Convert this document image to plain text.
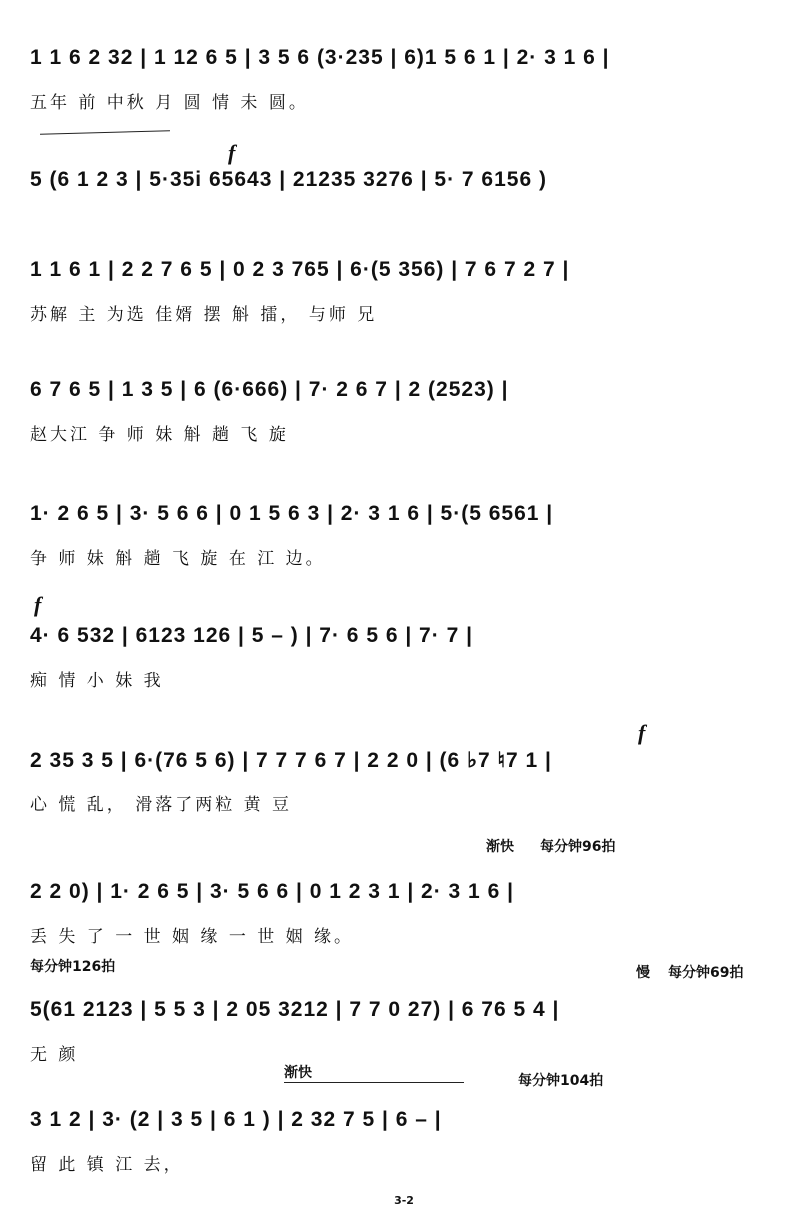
1 1 6 2 32 | 1 12 6 5 | 3 5 6 (3·235 | 6)1 5 6 1 | 2· 3 1 6 |
五年 前 中秋 月 圆 情 未 圆。
f
5 (6 1 2 3 | 5·35i 65643 | 21235 3276 | 5· 7 6156 )
1 1 6 1 | 2 2 7 6 5 | 0 2 3 765 | 6·(5 356) | 7 6 7 2 7 |
苏解 主 为选 佳婿 摆 斛 擂， 与师 兄
6 7 6 5 | 1 3 5 | 6 (6·666) | 7· 2 6 7 | 2 (2523) |
赵大江 争 师 妹 斛 趟 飞 旋
1· 2 6 5 | 3· 5 6 6 | 0 1 5 6 3 | 2· 3 1 6 | 5·(5 6561 |
争 师 妹 斛 趟 飞 旋 在 江 边。
f
4· 6 532 | 6123 126 | 5 – ) | 7· 6 5 6 | 7· 7 |
痴 情 小 妹 我
f
2 35 3 5 | 6·(76 5 6) | 7 7 7 6 7 | 2 2 0 | (6 ♭7 ♮7 1 |
心 慌 乱， 滑落了两粒 黄 豆
渐快 每分钟96拍
2 2 0) | 1· 2 6 5 | 3· 5 6 6 | 0 1 2 3 1 | 2· 3 1 6 |
丢 失 了 一 世 姻 缘 一 世 姻 缘。
每分钟126拍	慢 每分钟69拍
5(61 2123 | 5 5 3 | 2 05 3212 | 7 7 0 27) | 6 76 5 4 |
无 颜
渐快	每分钟104拍
3 1 2 | 3· (2 | 3 5 | 6 1 ) | 2 32 7 5 | 6 – |
留 此 镇 江 去，
3-2
